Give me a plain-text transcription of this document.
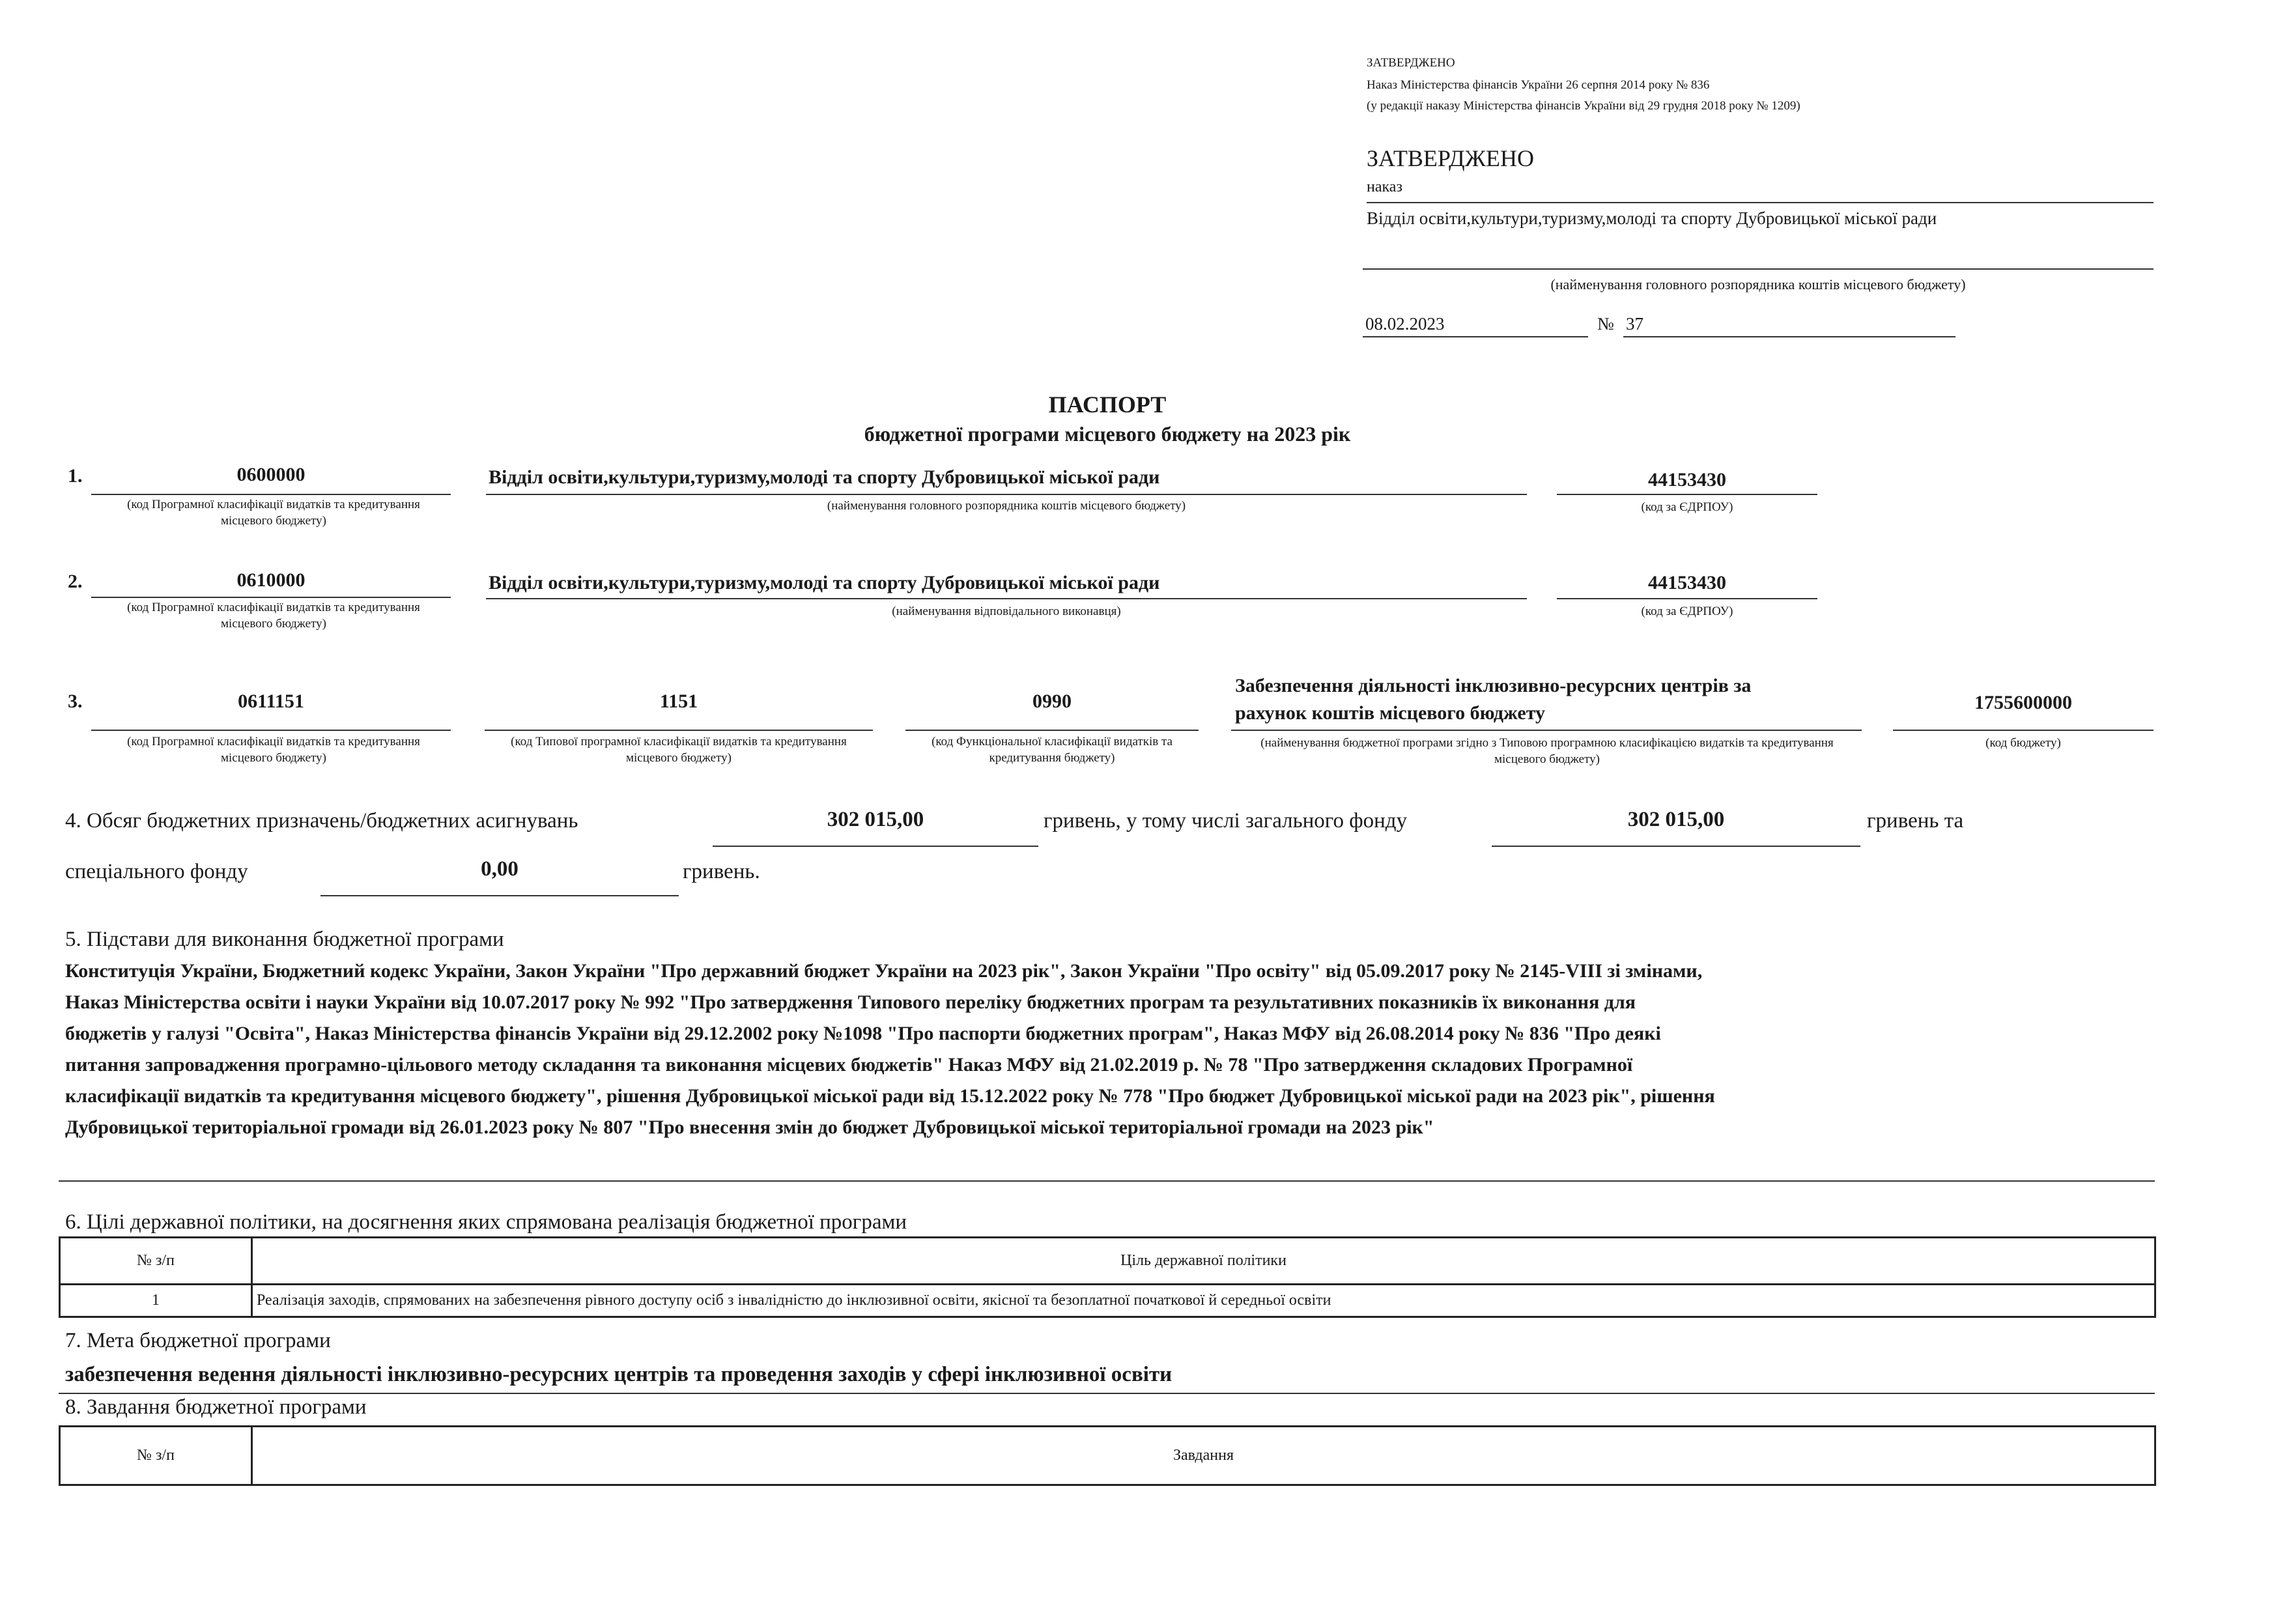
ЗАТВЕРДЖЕНО
Наказ Міністерства фінансів України 26 серпня 2014 року № 836
(у редакції наказу Міністерства фінансів України від 29 грудня 2018 року № 1209)
ЗАТВЕРДЖЕНО
наказ
Відділ освіти,культури,туризму,молоді та спорту Дубровицької міської ради
(найменування головного розпорядника коштів місцевого бюджету)
08.02.2023	№ 37
ПАСПОРТ
бюджетної програми місцевого бюджету на 2023 рік
1.	0600000
(код Програмної класифікації видатків та кредитування місцевого бюджету)
Відділ освіти,культури,туризму,молоді та спорту Дубровицької міської ради
(найменування головного розпорядника коштів місцевого бюджету)
44153430
(код за ЄДРПОУ)
2.	0610000
(код Програмної класифікації видатків та кредитування місцевого бюджету)
Відділ освіти,культури,туризму,молоді та спорту Дубровицької міської ради
(найменування відповідального виконавця)
44153430
(код за ЄДРПОУ)
3.	0611151
(код Програмної класифікації видатків та кредитування місцевого бюджету)
1151
(код Типової програмної класифікації видатків та кредитування місцевого бюджету)
0990
(код Функціональної класифікації видатків та кредитування бюджету)
Забезпечення діяльності інклюзивно-ресурсних центрів за
рахунок коштів місцевого бюджету
(найменування бюджетної програми згідно з Типовою програмною класифікацією видатків та кредитування місцевого бюджету)
1755600000
(код бюджету)
4. Обсяг бюджетних призначень/бюджетних асигнувань	302 015,00	гривень, у тому числі загального фонду	302 015,00	гривень та
спеціального фонду	0,00	гривень.
5. Підстави для виконання бюджетної програми
Конституція України, Бюджетний кодекс України, Закон України "Про державний бюджет України на 2023 рік", Закон України "Про освіту" від 05.09.2017 року № 2145-VIII зі змінами,
Наказ Міністерства освіти і науки України від 10.07.2017 року № 992 "Про затвердження Типового переліку бюджетних програм та результативних показників їх виконання для
бюджетів у галузі "Освіта", Наказ Міністерства фінансів України від 29.12.2002 року №1098 "Про паспорти бюджетних програм", Наказ МФУ від 26.08.2014 року № 836 "Про деякі
питання запровадження програмно-цільового методу складання та виконання місцевих бюджетів" Наказ МФУ від 21.02.2019 р. № 78 "Про затвердження складових Програмної
класифікації видатків та кредитування місцевого бюджету", рішення Дубровицької міської ради від 15.12.2022 року № 778 "Про бюджет Дубровицької міської ради на 2023 рік", рішення
Дубровицької територіальної громади від 26.01.2023 року № 807 "Про внесення змін до бюджет Дубровицької міської територіальної громади на 2023 рік"
6. Цілі державної політики, на досягнення яких спрямована реалізація бюджетної програми
№ з/п	Ціль державної політики
1	Реалізація заходів, спрямованих на забезпечення рівного доступу осіб з інвалідністю до інклюзивної освіти, якісної та безоплатної початкової й середньої освіти
7. Мета бюджетної програми
забезпечення ведення діяльності інклюзивно-ресурсних центрів та проведення заходів у сфері інклюзивної освіти
8. Завдання бюджетної програми
№ з/п	Завдання
